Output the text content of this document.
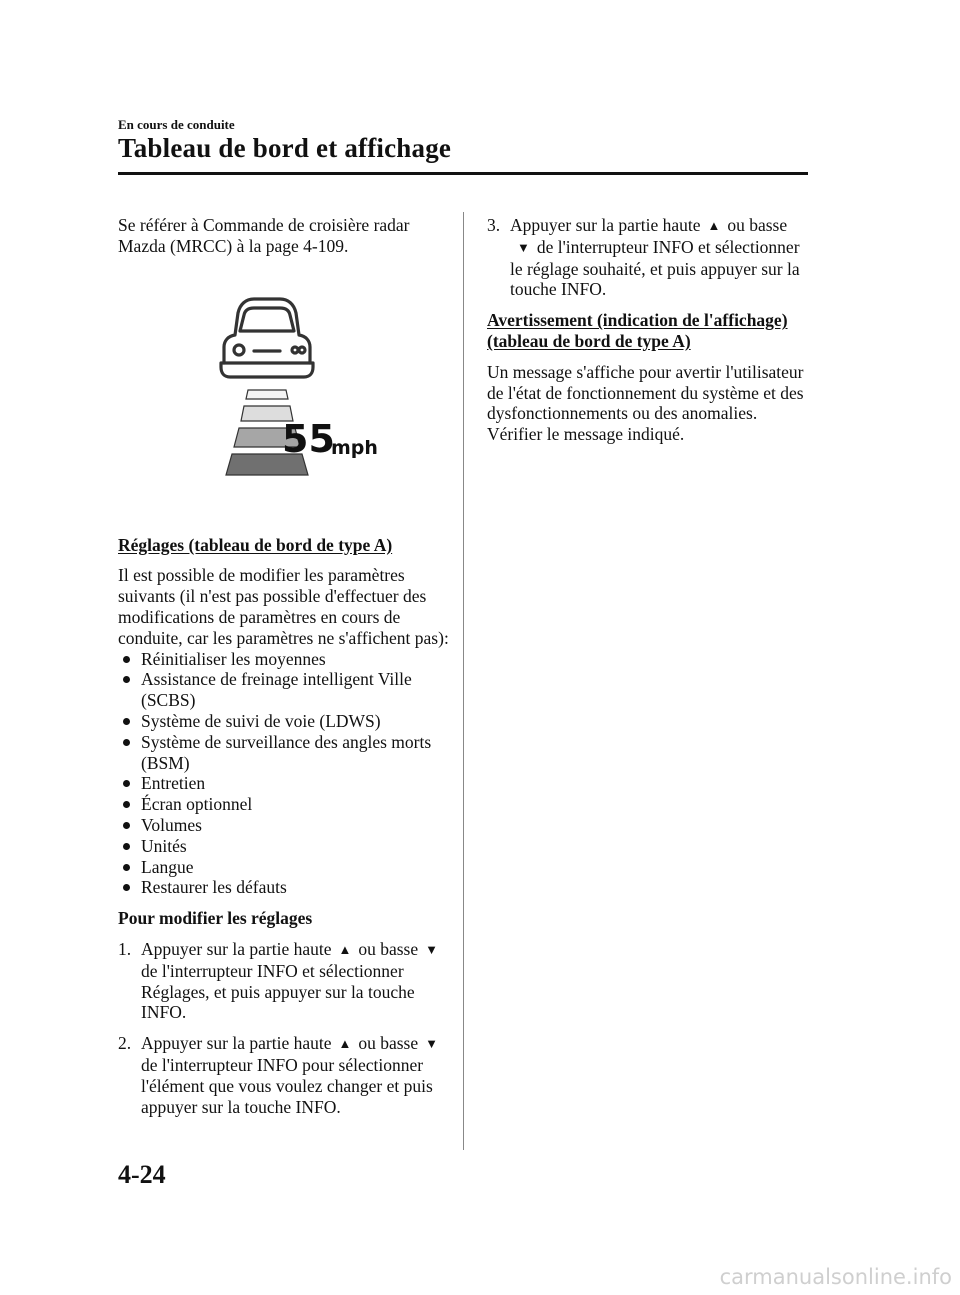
En cours de conduite
Tableau de bord et affichage

Se référer à Commande de croisière radar Mazda (MRCC) à la page 4-109.

55
mph

Réglages (tableau de bord de type A)

Il est possible de modifier les paramètres suivants (il n'est pas possible d'effectuer des modifications de paramètres en cours de conduite, car les paramètres ne s'affichent pas):

Réinitialiser les moyennes
Assistance de freinage intelligent Ville (SCBS)
Système de suivi de voie (LDWS)
Système de surveillance des angles morts (BSM)
Entretien
Écran optionnel
Volumes
Unités
Langue
Restaurer les défauts

Pour modifier les réglages

1. Appuyer sur la partie haute ▲ ou basse ▼de l'interrupteur INFO et sélectionner Réglages, et puis appuyer sur la touche INFO.

2. Appuyer sur la partie haute ▲ ou basse ▼de l'interrupteur INFO pour sélectionner l'élément que vous voulez changer et puis appuyer sur la touche INFO.

3. Appuyer sur la partie haute ▲ ou basse▼ de l'interrupteur INFO et sélectionner le réglage souhaité, et puis appuyer sur la touche INFO.

Avertissement (indication de l'affichage) (tableau de bord de type A)

Un message s'affiche pour avertir l'utilisateur de l'état de fonctionnement du système et des dysfonctionnements ou des anomalies.

Vérifier le message indiqué.

4-24
carmanualsonline.info
